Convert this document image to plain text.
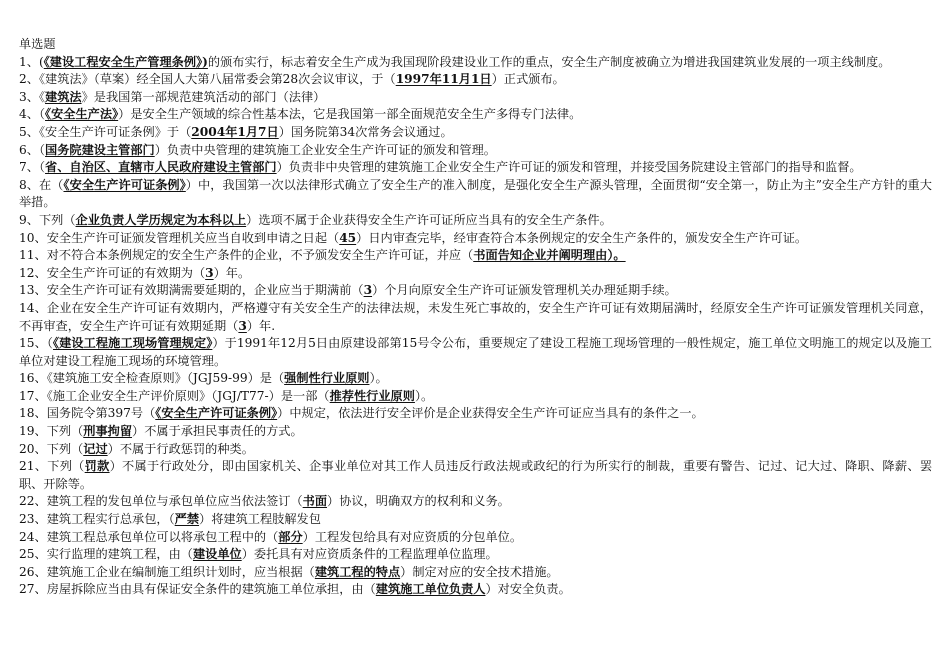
单选题

1、(《建设工程安全生产管理条例》)的颁布实行，标志着安全生产成为我国现阶段建设业工作的重点，安全生产制度被确立为增进我国建筑业发展的一项主线制度。

2、《建筑法》（草案）经全国人大第八届常委会第28次会议审议，于（1997年11月1日）正式颁布。

3、《建筑法》是我国第一部规范建筑活动的部门（法律）

4、（《安全生产法》）是安全生产领域的综合性基本法，它是我国第一部全面规范安全生产多得专门法律。

5、《安全生产许可证条例》于（2004年1月7日）国务院第34次常务会议通过。

6、（国务院建设主管部门）负责中央管理的建筑施工企业安全生产许可证的颁发和管理。

7、（省、自治区、直辖市人民政府建设主管部门）负责非中央管理的建筑施工企业安全生产许可证的颁发和管理，并接受国务院建设主管部门的指导和监督。

8、在（《安全生产许可证条例》）中，我国第一次以法律形式确立了安全生产的准入制度，是强化安全生产源头管理，全面贯彻“安全第一，防止为主”安全生产方针的重大举措。

9、下列（企业负责人学历规定为本科以上）选项不属于企业获得安全生产许可证所应当具有的安全生产条件。

10、安全生产许可证颁发管理机关应当自收到申请之日起（45）日内审查完毕，经审查符合本条例规定的安全生产条件的，颁发安全生产许可证。

11、对不符合本条例规定的安全生产条件的企业，不予颁发安全生产许可证，并应（书面告知企业并阐明理由）。

12、安全生产许可证的有效期为（3）年。

13、安全生产许可证有效期满需要延期的，企业应当于期满前（3）个月向原安全生产许可证颁发管理机关办理延期手续。

14、企业在安全生产许可证有效期内，严格遵守有关安全生产的法律法规，未发生死亡事故的，安全生产许可证有效期届满时，经原安全生产许可证颁发管理机关同意，不再审查，安全生产许可证有效期延期（3）年.

15、（《建设工程施工现场管理规定》）于1991年12月5日由原建设部第15号令公布，重要规定了建设工程施工现场管理的一般性规定，施工单位文明施工的规定以及施工单位对建设工程施工现场的环境管理。

16、《建筑施工安全检查原则》（JGJ59-99）是（强制性行业原则）。

17、《施工企业安全生产评价原则》（JGJ/T77-）是一部（推荐性行业原则）。

18、国务院令第397号（《安全生产许可证条例》）中规定，依法进行安全评价是企业获得安全生产许可证应当具有的条件之一。

19、下列（刑事拘留）不属于承担民事责任的方式。

20、下列（记过）不属于行政惩罚的种类。

21、下列（罚款）不属于行政处分，即由国家机关、企事业单位对其工作人员违反行政法规或政纪的行为所实行的制裁，重要有警告、记过、记大过、降职、降薪、罢职、开除等。

22、建筑工程的发包单位与承包单位应当依法签订（书面）协议，明确双方的权利和义务。

23、建筑工程实行总承包，（严禁）将建筑工程肢解发包

24、建筑工程总承包单位可以将承包工程中的（部分）工程发包给具有对应资质的分包单位。

25、实行监理的建筑工程，由（建设单位）委托具有对应资质条件的工程监理单位监理。

26、建筑施工企业在编制施工组织计划时，应当根据（建筑工程的特点）制定对应的安全技术措施。

27、房屋拆除应当由具有保证安全条件的建筑施工单位承担，由（建筑施工单位负责人）对安全负责。
